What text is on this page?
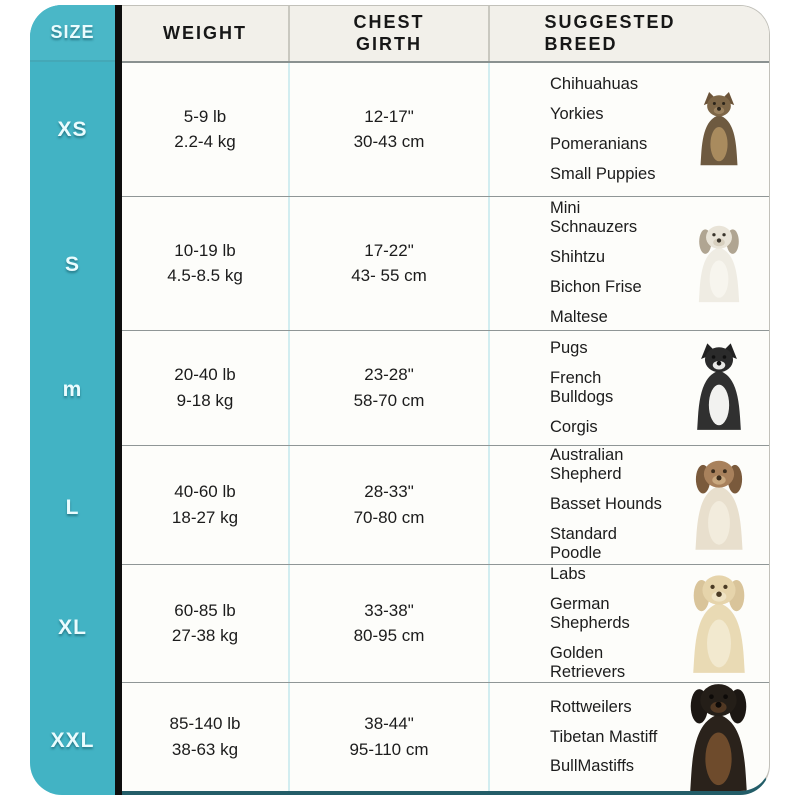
SIZE
XS
S
m
L
XL
XXL
WEIGHT
CHEST GIRTH
SUGGESTED BREED
5-9 lb
2.2-4 kg
12-17"
30-43 cm
Chihuahuas
Yorkies
Pomeranians
Small Puppies
10-19 lb
4.5-8.5 kg
17-22"
43- 55 cm
Mini Schnauzers
Shihtzu
Bichon Frise
Maltese
20-40 lb
9-18 kg
23-28"
58-70 cm
Pugs
French Bulldogs
Corgis
40-60 lb
18-27 kg
28-33"
70-80 cm
Australian Shepherd
Basset Hounds
Standard Poodle
60-85 lb
27-38 kg
33-38"
80-95 cm
Labs
German Shepherds
Golden Retrievers
85-140 lb
38-63 kg
38-44"
95-110 cm
Rottweilers
Tibetan Mastiff
BullMastiffs
